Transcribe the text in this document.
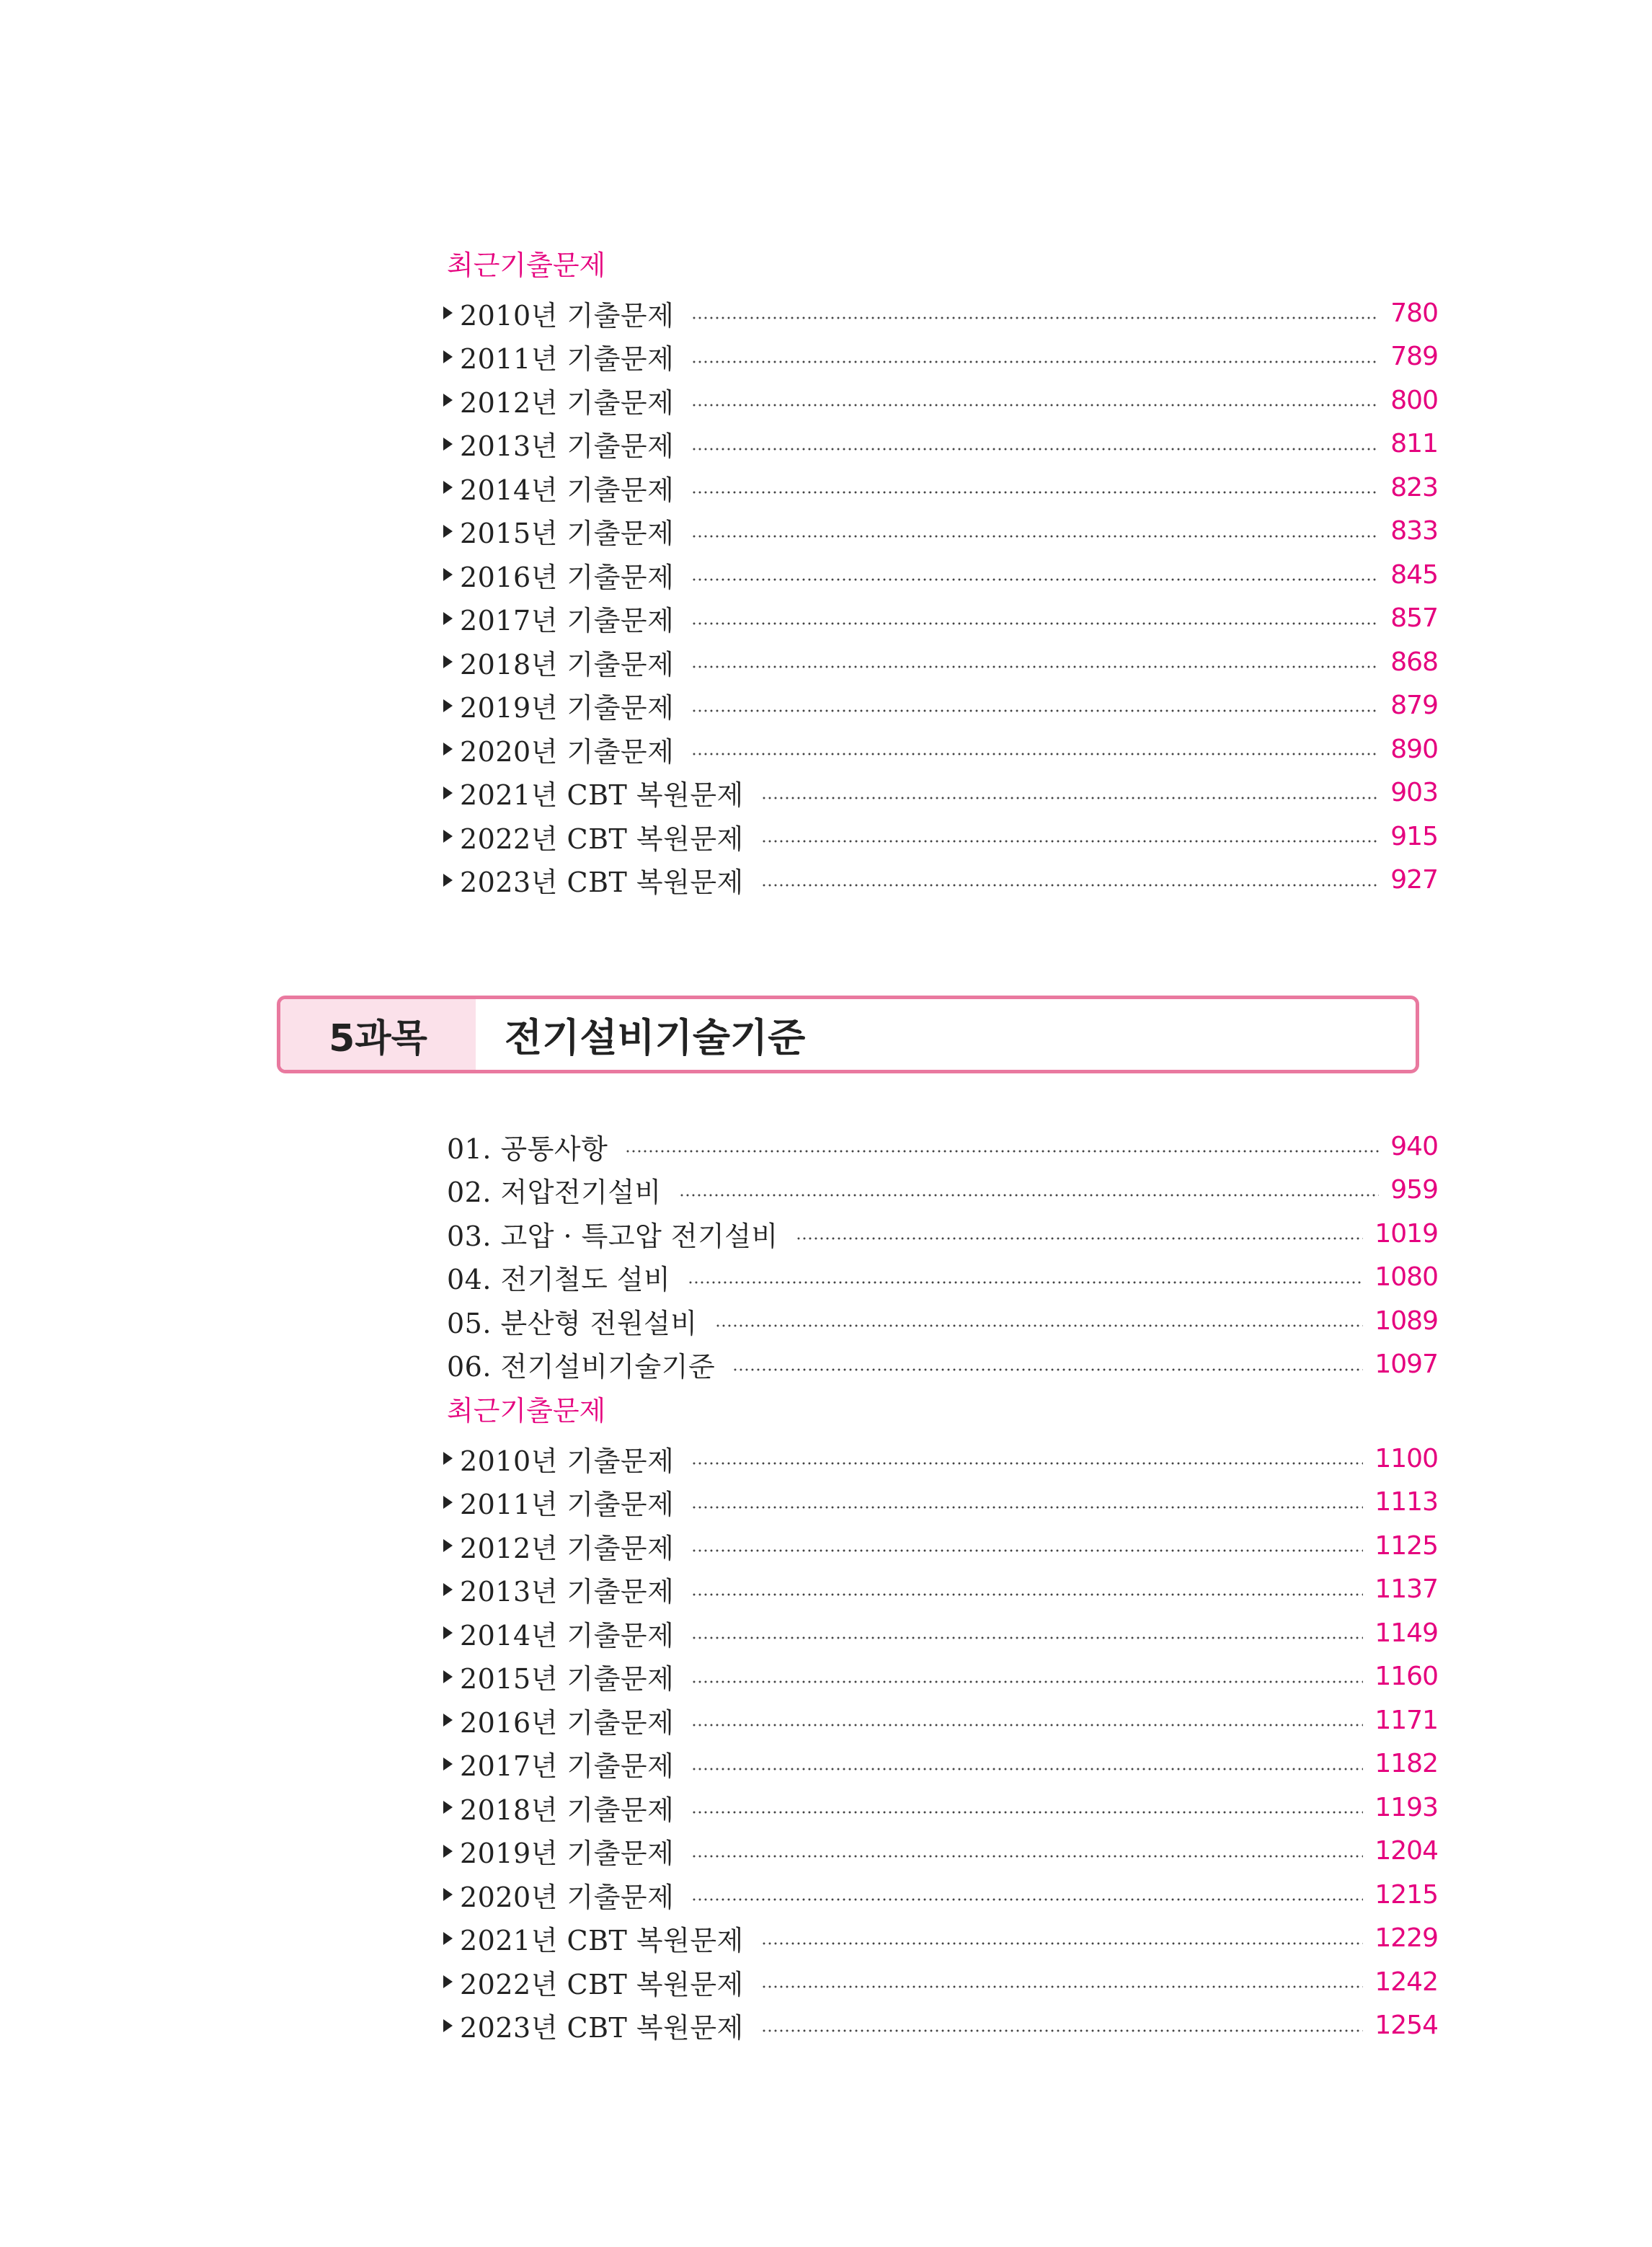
최근기출문제
2010년 기출문제	780
2011년 기출문제	789
2012년 기출문제	800
2013년 기출문제	811
2014년 기출문제	823
2015년 기출문제	833
2016년 기출문제	845
2017년 기출문제	857
2018년 기출문제	868
2019년 기출문제	879
2020년 기출문제	890
2021년 CBT 복원문제	903
2022년 CBT 복원문제	915
2023년 CBT 복원문제	927
5과목	전기설비기술기준
01. 공통사항	940
02. 저압전기설비	959
03. 고압 · 특고압 전기설비	1019
04. 전기철도 설비	1080
05. 분산형 전원설비	1089
06. 전기설비기술기준	1097
최근기출문제
2010년 기출문제	1100
2011년 기출문제	1113
2012년 기출문제	1125
2013년 기출문제	1137
2014년 기출문제	1149
2015년 기출문제	1160
2016년 기출문제	1171
2017년 기출문제	1182
2018년 기출문제	1193
2019년 기출문제	1204
2020년 기출문제	1215
2021년 CBT 복원문제	1229
2022년 CBT 복원문제	1242
2023년 CBT 복원문제	1254
